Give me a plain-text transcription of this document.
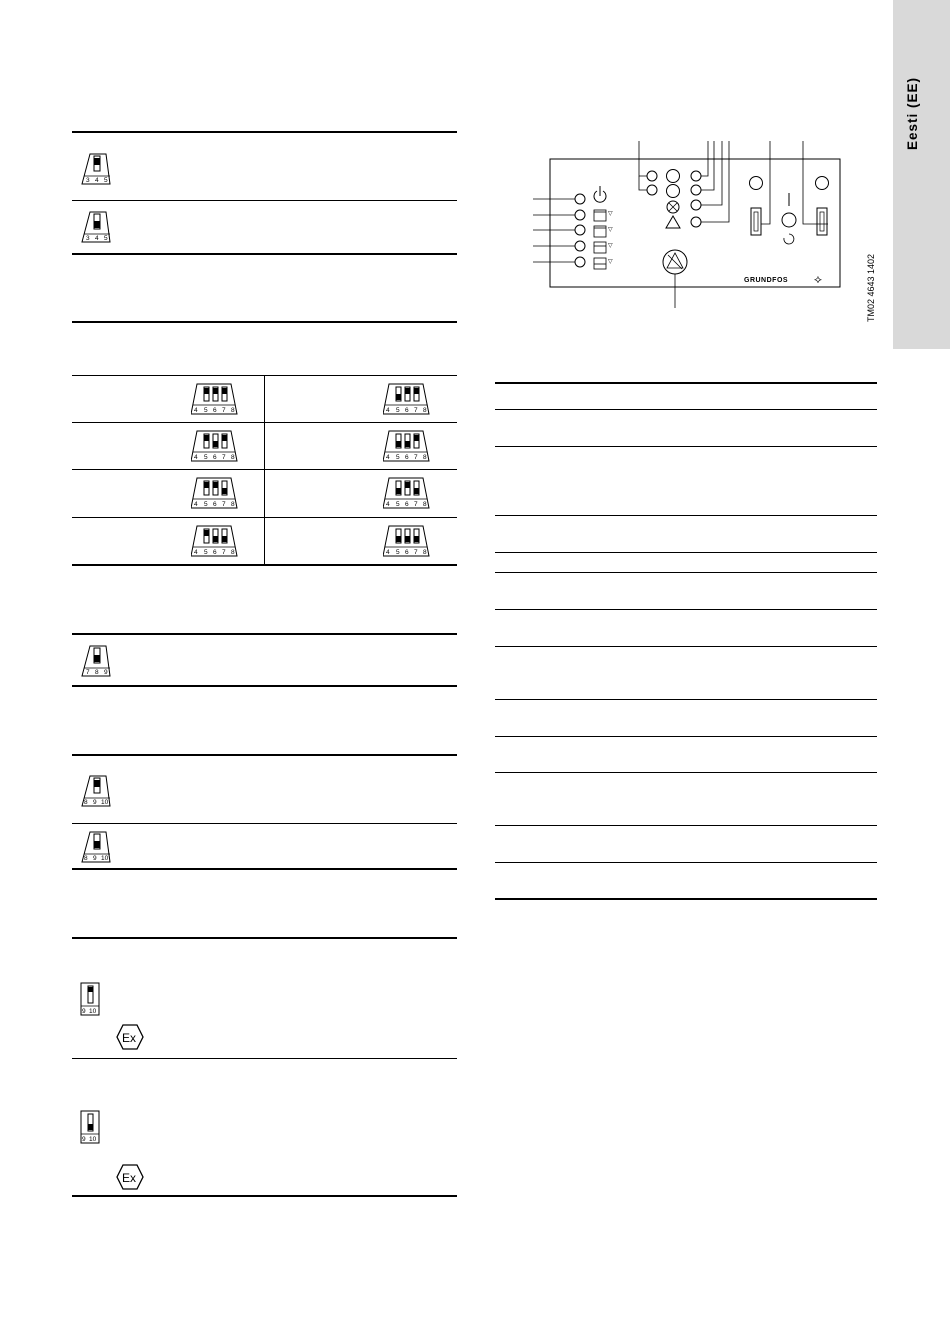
Eesti (EE)
3 4 5
3 4 5
4 5 6 7 8	4 5 6 7 8
4 5 6 7 8	4 5 6 7 8
4 5 6 7 8	4 5 6 7 8
4 5 6 7 8	4 5 6 7 8
7 8 9
8 9 10
8 9 10
IP
9 10
Ex
9 10
Ex
▽
▽
▽
▽
GRUNDFOS ⟡	TM02 4643 1402
